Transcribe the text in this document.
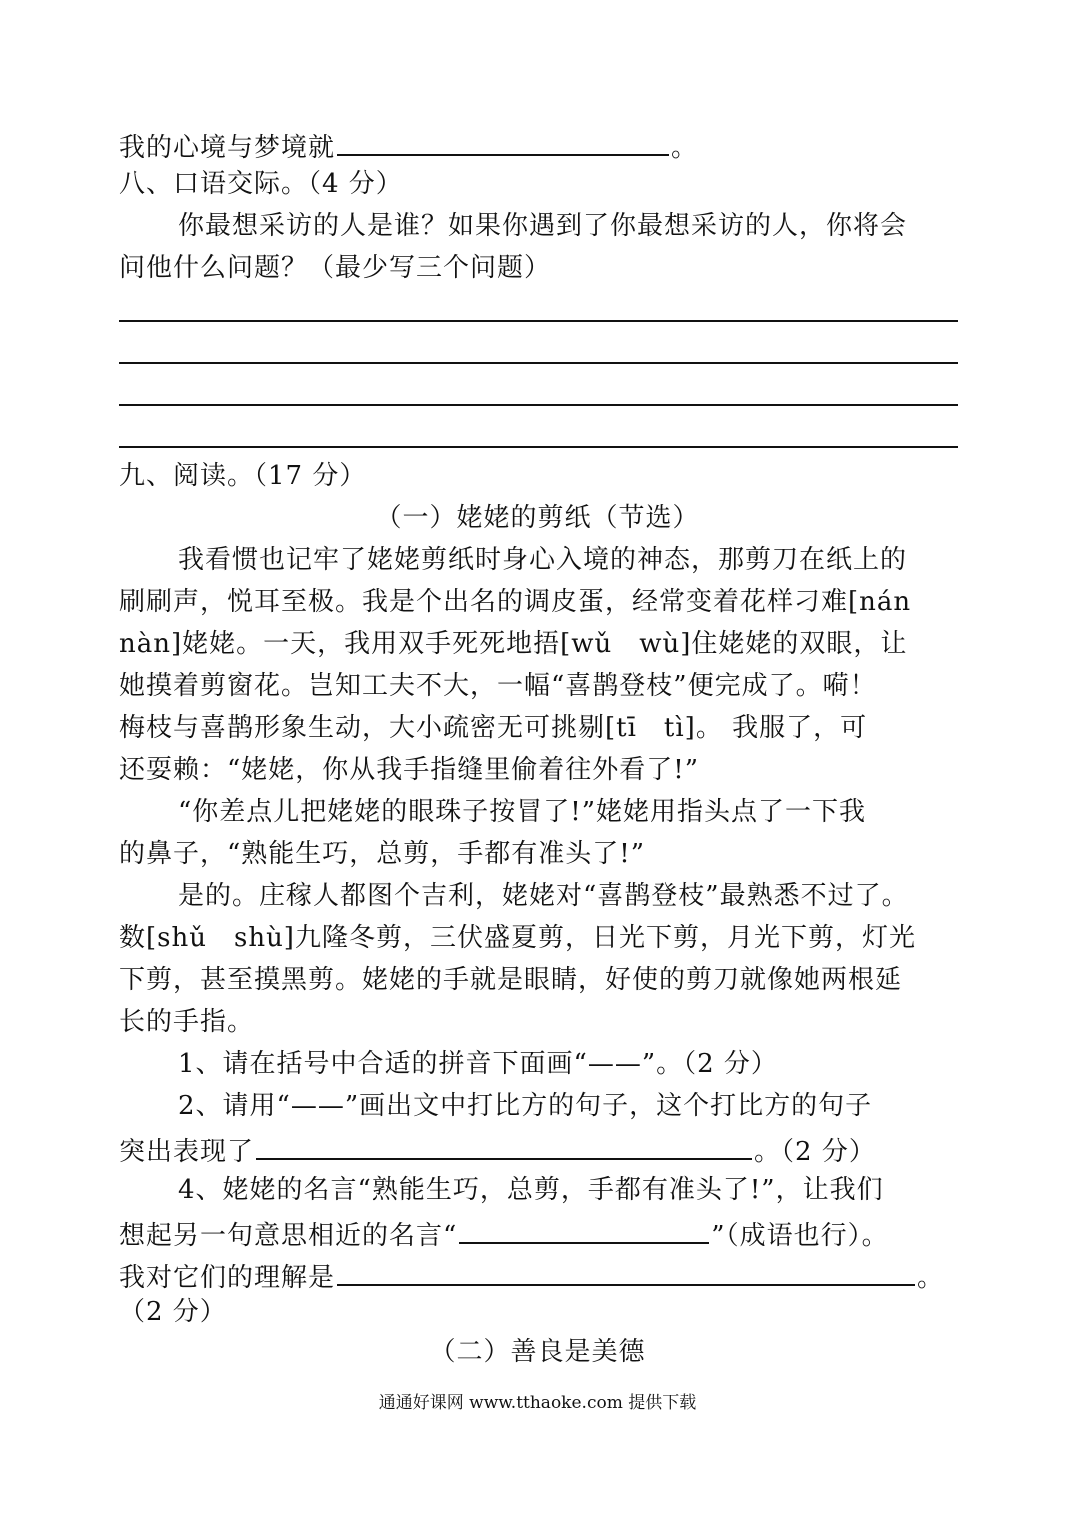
我的心境与梦境就	。
八、口语交际。（4 分）
你最想采访的人是谁？如果你遇到了你最想采访的人，你将会
问他什么问题？（最少写三个问题）
九、阅读。（17 分）
（一）姥姥的剪纸（节选）
我看惯也记牢了姥姥剪纸时身心入境的神态，那剪刀在纸上的
刷刷声，悦耳至极。我是个出名的调皮蛋，经常变着花样刁难[nán
nàn]姥姥。一天，我用双手死死地捂[wǔ　wù]住姥姥的双眼，让
她摸着剪窗花。岂知工夫不大，一幅“喜鹊登枝”便完成了。嗬！
梅枝与喜鹊形象生动，大小疏密无可挑剔[tī　tì]。 我服了，可
还耍赖：“姥姥，你从我手指缝里偷着往外看了!”
“你差点儿把姥姥的眼珠子按冒了!”姥姥用指头点了一下我
的鼻子，“熟能生巧，总剪，手都有准头了!”
是的。庄稼人都图个吉利，姥姥对“喜鹊登枝”最熟悉不过了。
数[shǔ　shù]九隆冬剪，三伏盛夏剪，日光下剪，月光下剪，灯光
下剪，甚至摸黑剪。姥姥的手就是眼睛，好使的剪刀就像她两根延
长的手指。
1、请在括号中合适的拼音下面画“——”。（2 分）
2、请用“——”画出文中打比方的句子，这个打比方的句子
突出表现了	。（2 分）
4、姥姥的名言“熟能生巧，总剪，手都有准头了!”，让我们
想起另一句意思相近的名言“	”（成语也行）。
我对它们的理解是	。
（2 分）
（二）善良是美德
通通好课网 www.tthaoke.com 提供下载
